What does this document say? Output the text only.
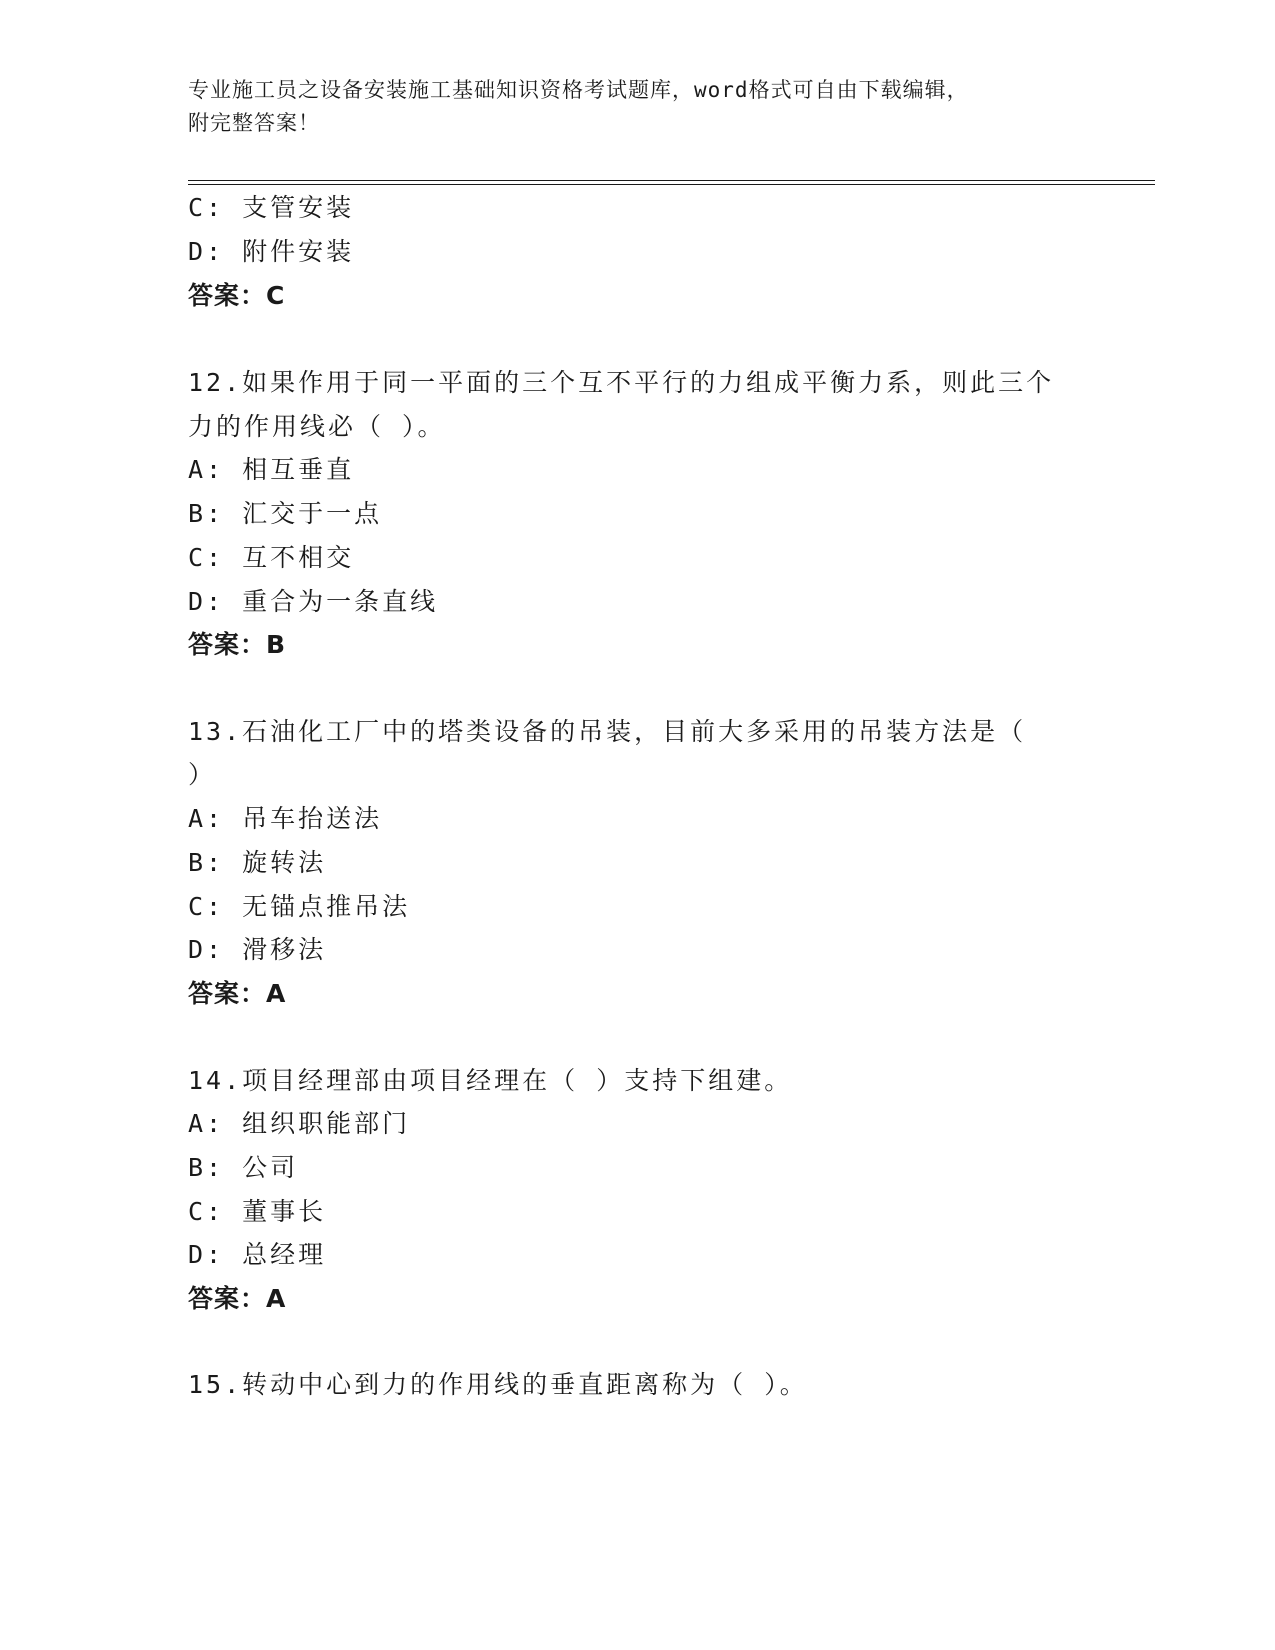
专业施工员之设备安装施工基础知识资格考试题库，word格式可自由下载编辑，
附完整答案！
C: 支管安装
D: 附件安装
答案：C
12.如果作用于同一平面的三个互不平行的力组成平衡力系，则此三个
力的作用线必（ ）。
A: 相互垂直
B: 汇交于一点
C: 互不相交
D: 重合为一条直线
答案：B
13.石油化工厂中的塔类设备的吊装，目前大多采用的吊装方法是（
）
A: 吊车抬送法
B: 旋转法
C: 无锚点推吊法
D: 滑移法
答案：A
14.项目经理部由项目经理在（ ）支持下组建。
A: 组织职能部门
B: 公司
C: 董事长
D: 总经理
答案：A
15.转动中心到力的作用线的垂直距离称为（ ）。
